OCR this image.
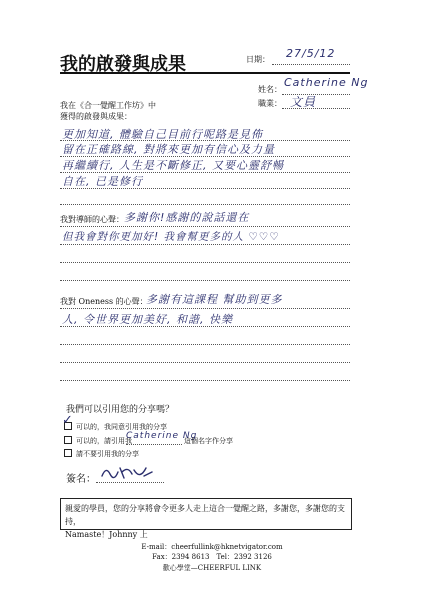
我的啟發與成果	日期： 27/5/12
姓名：
Catherine Ng
職業： 文員
我在《合一覺醒工作坊》中
獲得的啟發與成果：
更加知道, 體驗自己目前行呢路是見佈
留在正確路線, 對將來更加有信心及力量
再繼續行, 人生是不斷修正, 又要心靈舒暢
自在, 已是修行
我對導師的心聲： 多謝你!感謝的說話還在
但我會對你更加好! 我會幫更多的人 ♡♡♡
我對 Oneness 的心聲：
多謝有這課程 幫助到更多
人, 令世界更加美好, 和諧, 快樂
我們可以引用您的分享嗎？
✓ 可以的，我同意引用我的分享
可以的，請引用我
Catherine Ng
這個名字作分享
請不要引用我的分享
簽名：
親愛的學員，您的分享將會令更多人走上這合一覺醒之路，多謝您，多謝您的支持，
Namaste！Johnny 上
E-mail：cheerfullink@hknetvigator.com
Fax：2394 8613　Tel：2392 3126
歡心學堂—CHEERFUL LINK
